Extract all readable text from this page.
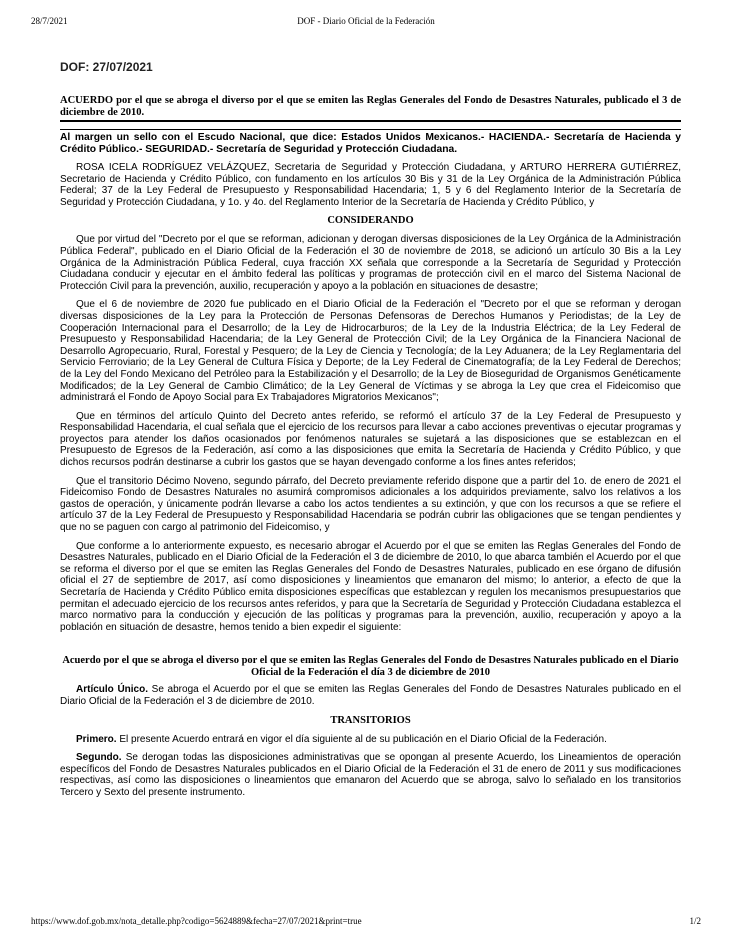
28/7/2021	DOF - Diario Oficial de la Federación
DOF: 27/07/2021
ACUERDO por el que se abroga el diverso por el que se emiten las Reglas Generales del Fondo de Desastres Naturales, publicado el 3 de diciembre de 2010.
Al margen un sello con el Escudo Nacional, que dice: Estados Unidos Mexicanos.- HACIENDA.- Secretaría de Hacienda y Crédito Público.- SEGURIDAD.- Secretaría de Seguridad y Protección Ciudadana.

ROSA ICELA RODRÍGUEZ VELÁZQUEZ, Secretaria de Seguridad y Protección Ciudadana, y ARTURO HERRERA GUTIÉRREZ, Secretario de Hacienda y Crédito Público, con fundamento en los artículos 30 Bis y 31 de la Ley Orgánica de la Administración Pública Federal; 37 de la Ley Federal de Presupuesto y Responsabilidad Hacendaria; 1, 5 y 6 del Reglamento Interior de la Secretaría de Seguridad y Protección Ciudadana, y 1o. y 4o. del Reglamento Interior de la Secretaría de Hacienda y Crédito Público, y

CONSIDERANDO

Que por virtud del "Decreto por el que se reforman, adicionan y derogan diversas disposiciones de la Ley Orgánica de la Administración Pública Federal", publicado en el Diario Oficial de la Federación el 30 de noviembre de 2018, se adicionó un artículo 30 Bis a la Ley Orgánica de la Administración Pública Federal, cuya fracción XX señala que corresponde a la Secretaría de Seguridad y Protección Ciudadana conducir y ejecutar en el ámbito federal las políticas y programas de protección civil en el marco del Sistema Nacional de Protección Civil para la prevención, auxilio, recuperación y apoyo a la población en situaciones de desastre;

Que el 6 de noviembre de 2020 fue publicado en el Diario Oficial de la Federación el "Decreto por el que se reforman y derogan diversas disposiciones de la Ley para la Protección de Personas Defensoras de Derechos Humanos y Periodistas; de la Ley de Cooperación Internacional para el Desarrollo; de la Ley de Hidrocarburos; de la Ley de la Industria Eléctrica; de la Ley Federal de Presupuesto y Responsabilidad Hacendaria; de la Ley General de Protección Civil; de la Ley Orgánica de la Financiera Nacional de Desarrollo Agropecuario, Rural, Forestal y Pesquero; de la Ley de Ciencia y Tecnología; de la Ley Aduanera; de la Ley Reglamentaria del Servicio Ferroviario; de la Ley General de Cultura Física y Deporte; de la Ley Federal de Cinematografía; de la Ley Federal de Derechos; de la Ley del Fondo Mexicano del Petróleo para la Estabilización y el Desarrollo; de la Ley de Bioseguridad de Organismos Genéticamente Modificados; de la Ley General de Cambio Climático; de la Ley General de Víctimas y se abroga la Ley que crea el Fideicomiso que administrará el Fondo de Apoyo Social para Ex Trabajadores Migratorios Mexicanos";

Que en términos del artículo Quinto del Decreto antes referido, se reformó el artículo 37 de la Ley Federal de Presupuesto y Responsabilidad Hacendaria, el cual señala que el ejercicio de los recursos para llevar a cabo acciones preventivas o ejecutar programas y proyectos para atender los daños ocasionados por fenómenos naturales se sujetará a las disposiciones que se establezcan en el Presupuesto de Egresos de la Federación, así como a las disposiciones que emita la Secretaría de Hacienda y Crédito Público, y que dichos recursos podrán destinarse a cubrir los gastos que se hayan devengado conforme a los fines antes referidos;

Que el transitorio Décimo Noveno, segundo párrafo, del Decreto previamente referido dispone que a partir del 1o. de enero de 2021 el Fideicomiso Fondo de Desastres Naturales no asumirá compromisos adicionales a los adquiridos previamente, salvo los relativos a los gastos de operación, y únicamente podrán llevarse a cabo los actos tendientes a su extinción, y que con los recursos a que se refiere el artículo 37 de la Ley Federal de Presupuesto y Responsabilidad Hacendaria se podrán cubrir las obligaciones que se tengan pendientes y que no se paguen con cargo al patrimonio del Fideicomiso, y

Que conforme a lo anteriormente expuesto, es necesario abrogar el Acuerdo por el que se emiten las Reglas Generales del Fondo de Desastres Naturales, publicado en el Diario Oficial de la Federación el 3 de diciembre de 2010, lo que abarca también el Acuerdo por el que se reforma el diverso por el que se emiten las Reglas Generales del Fondo de Desastres Naturales, publicado en ese órgano de difusión oficial el 27 de septiembre de 2017, así como disposiciones y lineamientos que emanaron del mismo; lo anterior, a efecto de que la Secretaría de Hacienda y Crédito Público emita disposiciones específicas que establezcan y regulen los mecanismos presupuestarios que permitan el adecuado ejercicio de los recursos antes referidos, y para que la Secretaría de Seguridad y Protección Ciudadana establezca el marco normativo para la conducción y ejecución de las políticas y programas para la prevención, auxilio, recuperación y apoyo a la población en situación de desastre, hemos tenido a bien expedir el siguiente:

Acuerdo por el que se abroga el diverso por el que se emiten las Reglas Generales del Fondo de Desastres Naturales publicado en el Diario Oficial de la Federación el día 3 de diciembre de 2010

Artículo Único. Se abroga el Acuerdo por el que se emiten las Reglas Generales del Fondo de Desastres Naturales publicado en el Diario Oficial de la Federación el 3 de diciembre de 2010.

TRANSITORIOS

Primero. El presente Acuerdo entrará en vigor el día siguiente al de su publicación en el Diario Oficial de la Federación.

Segundo. Se derogan todas las disposiciones administrativas que se opongan al presente Acuerdo, los Lineamientos de operación específicos del Fondo de Desastres Naturales publicados en el Diario Oficial de la Federación el 31 de enero de 2011 y sus modificaciones respectivas, así como las disposiciones o lineamientos que emanaron del Acuerdo que se abroga, salvo lo señalado en los transitorios Tercero y Sexto del presente instrumento.

https://www.dof.gob.mx/nota_detalle.php?codigo=5624889&fecha=27/07/2021&print=true	1/2
